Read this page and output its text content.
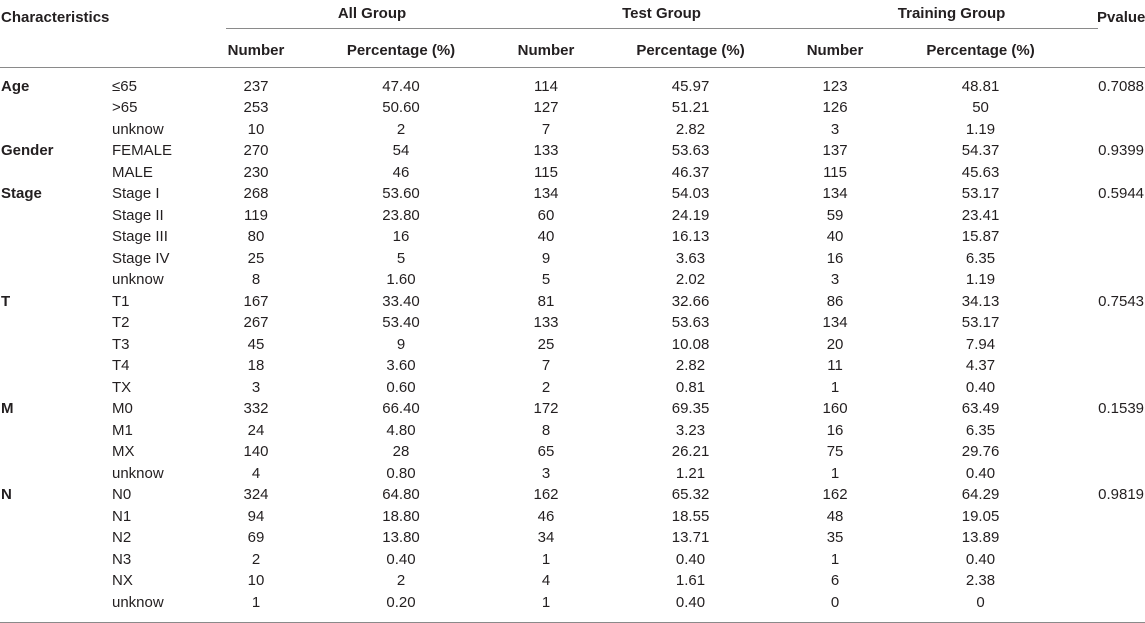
Characteristics		All Group		Test Group		Training Group		Pvalue
		Number	Percentage (%)	Number	Percentage (%)	Number	Percentage (%)	

Age	≤65	237	47.40	114	45.97	123	48.81	0.7088
	>65	253	50.60	127	51.21	126	50	
	unknow	10	2	7	2.82	3	1.19	
Gender	FEMALE	270	54	133	53.63	137	54.37	0.9399
	MALE	230	46	115	46.37	115	45.63	
Stage	Stage I	268	53.60	134	54.03	134	53.17	0.5944
	Stage II	119	23.80	60	24.19	59	23.41	
	Stage III	80	16	40	16.13	40	15.87	
	Stage IV	25	5	9	3.63	16	6.35	
	unknow	8	1.60	5	2.02	3	1.19	
T	T1	167	33.40	81	32.66	86	34.13	0.7543
	T2	267	53.40	133	53.63	134	53.17	
	T3	45	9	25	10.08	20	7.94	
	T4	18	3.60	7	2.82	11	4.37	
	TX	3	0.60	2	0.81	1	0.40	
M	M0	332	66.40	172	69.35	160	63.49	0.1539
	M1	24	4.80	8	3.23	16	6.35	
	MX	140	28	65	26.21	75	29.76	
	unknow	4	0.80	3	1.21	1	0.40	
N	N0	324	64.80	162	65.32	162	64.29	0.9819
	N1	94	18.80	46	18.55	48	19.05	
	N2	69	13.80	34	13.71	35	13.89	
	N3	2	0.40	1	0.40	1	0.40	
	NX	10	2	4	1.61	6	2.38	
	unknow	1	0.20	1	0.40	0	0	
